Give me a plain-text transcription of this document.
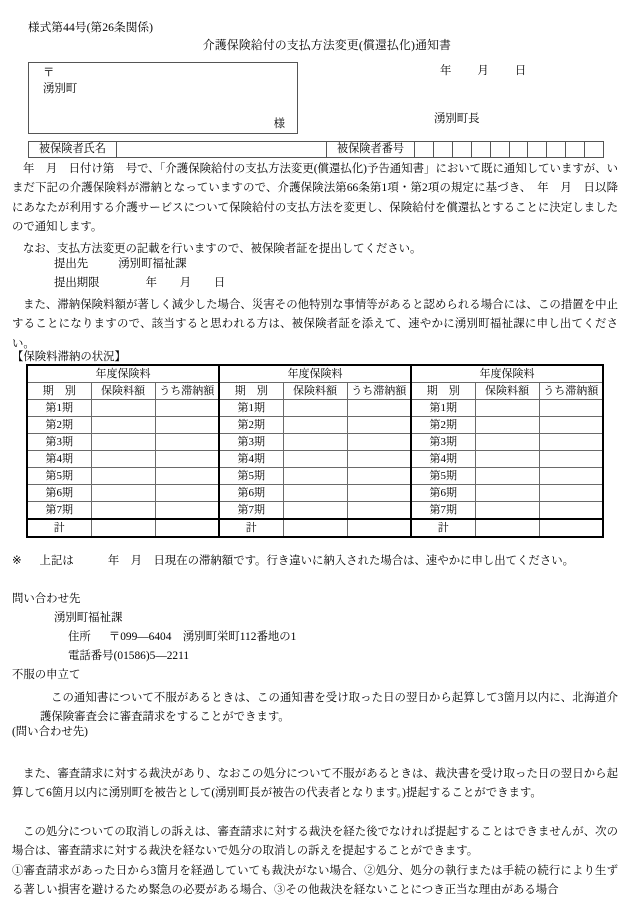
様式第44号(第26条関係)
介護保険給付の支払方法変更(償還払化)通知書
〒
湧別町
様
年 月 日
湧別町長
被保険者氏名	被保険者番号
年　月　日付け第　号で、「介護保険給付の支払方法変更(償還払化)予告通知書」において既に通知していますが、いまだ下記の介護保険料が滞納となっていますので、介護保険法第66条第1項・第2項の規定に基づき、　年　月　日以降にあなたが利用する介護サービスについて保険給付の支払方法を変更し、保険給付を償還払とすることに決定しましたので通知します。
なお、支払方法変更の記載を行いますので、被保険者証を提出してください。
提出先	湧別町福祉課
提出期限	年　　月　　日
また、滞納保険料額が著しく減少した場合、災害その他特別な事情等があると認められる場合には、この措置を中止することになりますので、該当すると思われる方は、被保険者証を添えて、速やかに湧別町福祉課に申し出てください。
【保険料滞納の状況】
年度保険料			年度保険料			年度保険料		
期　別	保険料額	うち滞納額	期　別	保険料額	うち滞納額	期　別	保険料額	うち滞納額
第1期			第1期			第1期		
第2期			第2期			第2期		
第3期			第3期			第3期		
第4期			第4期			第4期		
第5期			第5期			第5期		
第6期			第6期			第6期		
第7期			第7期			第7期		
計			計			計		
※ 上記は　　　年　月　日現在の滞納額です。行き違いに納入された場合は、速やかに申し出てください。
問い合わせ先
湧別町福祉課
住所 〒099—6404　湧別町栄町112番地の1
電話番号(01586)5—2211
不服の申立て
この通知書について不服があるときは、この通知書を受け取った日の翌日から起算して3箇月以内に、北海道介護保険審査会に審査請求をすることができます。
(問い合わせ先)
また、審査請求に対する裁決があり、なおこの処分について不服があるときは、裁決書を受け取った日の翌日から起算して6箇月以内に湧別町を被告として(湧別町長が被告の代表者となります。)提起することができます。
この処分についての取消しの訴えは、審査請求に対する裁決を経た後でなければ提起することはできませんが、次の場合は、審査請求に対する裁決を経ないで処分の取消しの訴えを提起することができます。
①審査請求があった日から3箇月を経過していても裁決がない場合、②処分、処分の執行または手続の続行により生ずる著しい損害を避けるため緊急の必要がある場合、③その他裁決を経ないことにつき正当な理由がある場合
